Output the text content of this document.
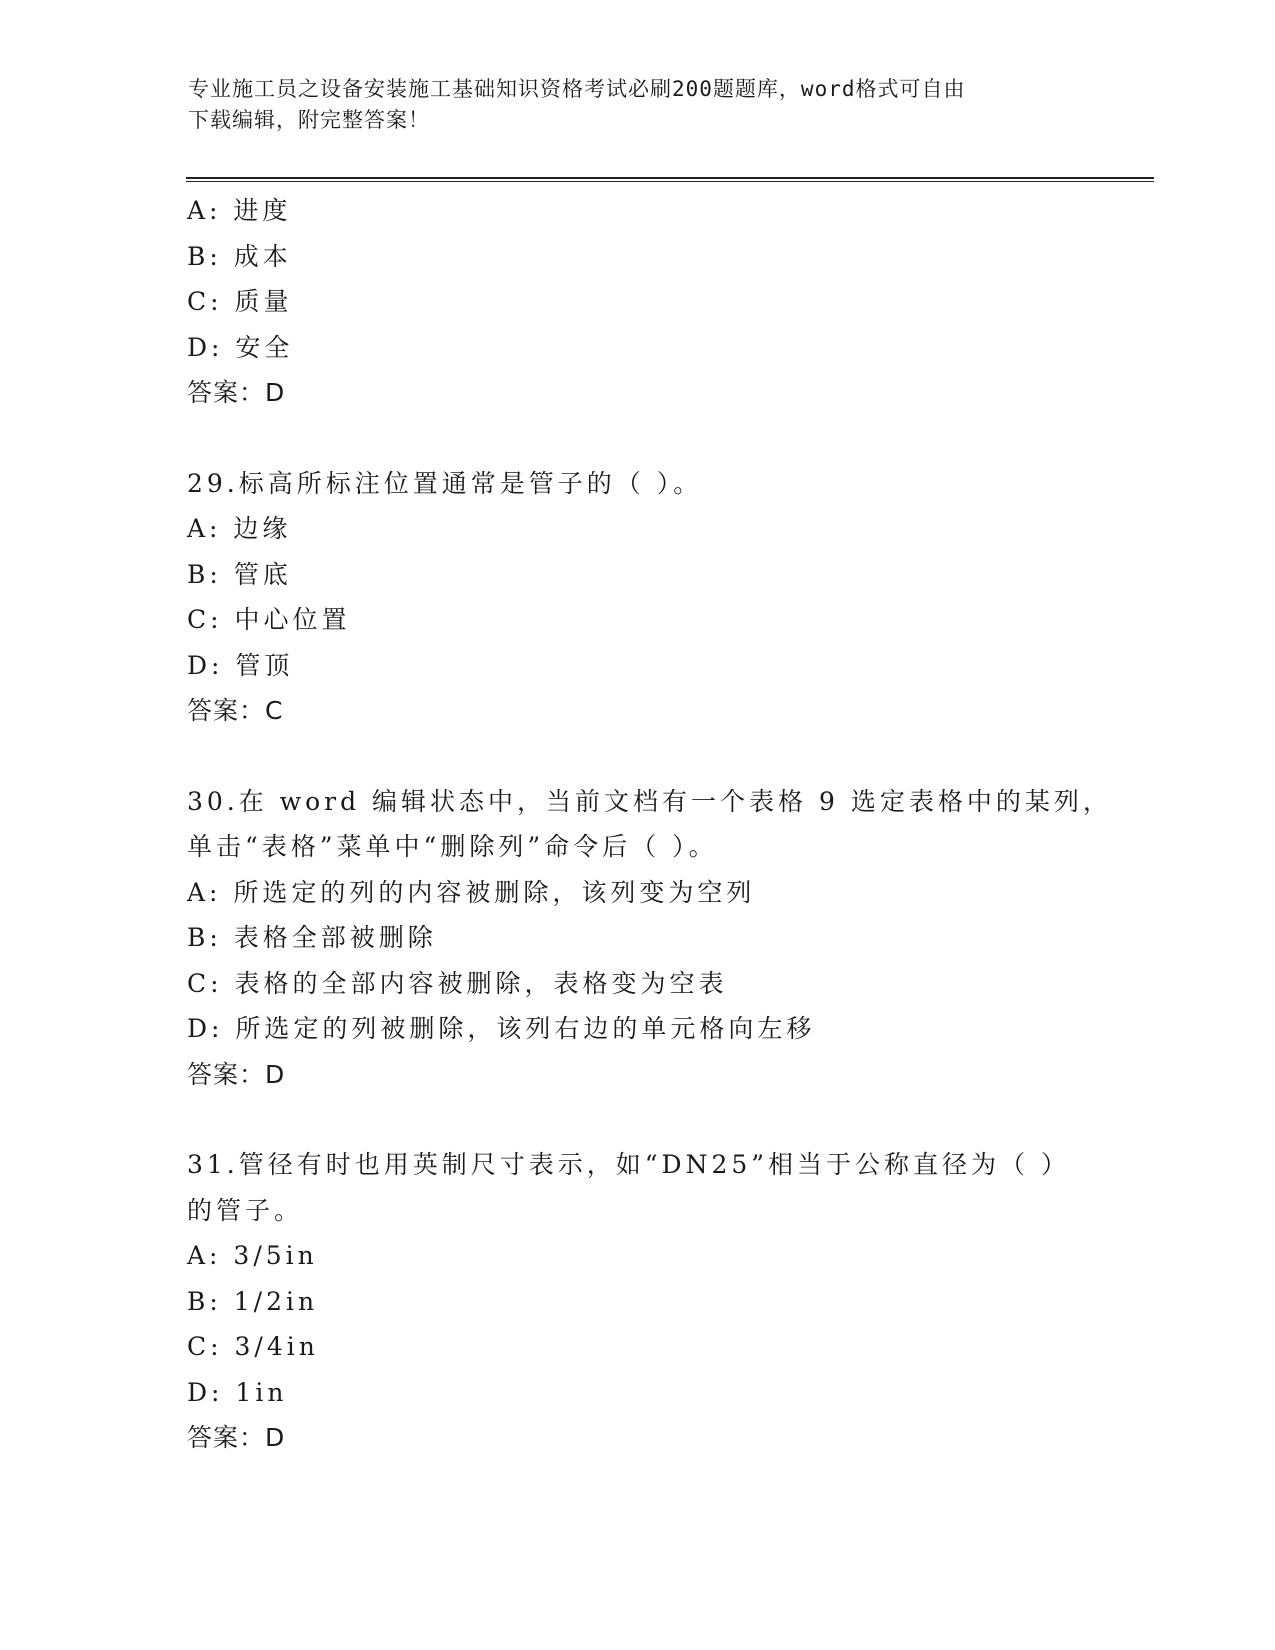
专业施工员之设备安装施工基础知识资格考试必刷200题题库，word格式可自由
下载编辑，附完整答案！
A: 进度
B: 成本
C: 质量
D: 安全
答案：D
29.标高所标注位置通常是管子的（ ）。
A: 边缘
B: 管底
C: 中心位置
D: 管顶
答案：C
30.在 word 编辑状态中，当前文档有一个表格 9 选定表格中的某列，
单击“表格”菜单中“删除列”命令后（ ）。
A: 所选定的列的内容被删除，该列变为空列
B: 表格全部被删除
C: 表格的全部内容被删除，表格变为空表
D: 所选定的列被删除，该列右边的单元格向左移
答案：D
31.管径有时也用英制尺寸表示，如“DN25”相当于公称直径为（ ）
的管子。
A: 3/5in
B: 1/2in
C: 3/4in
D: 1in
答案：D
